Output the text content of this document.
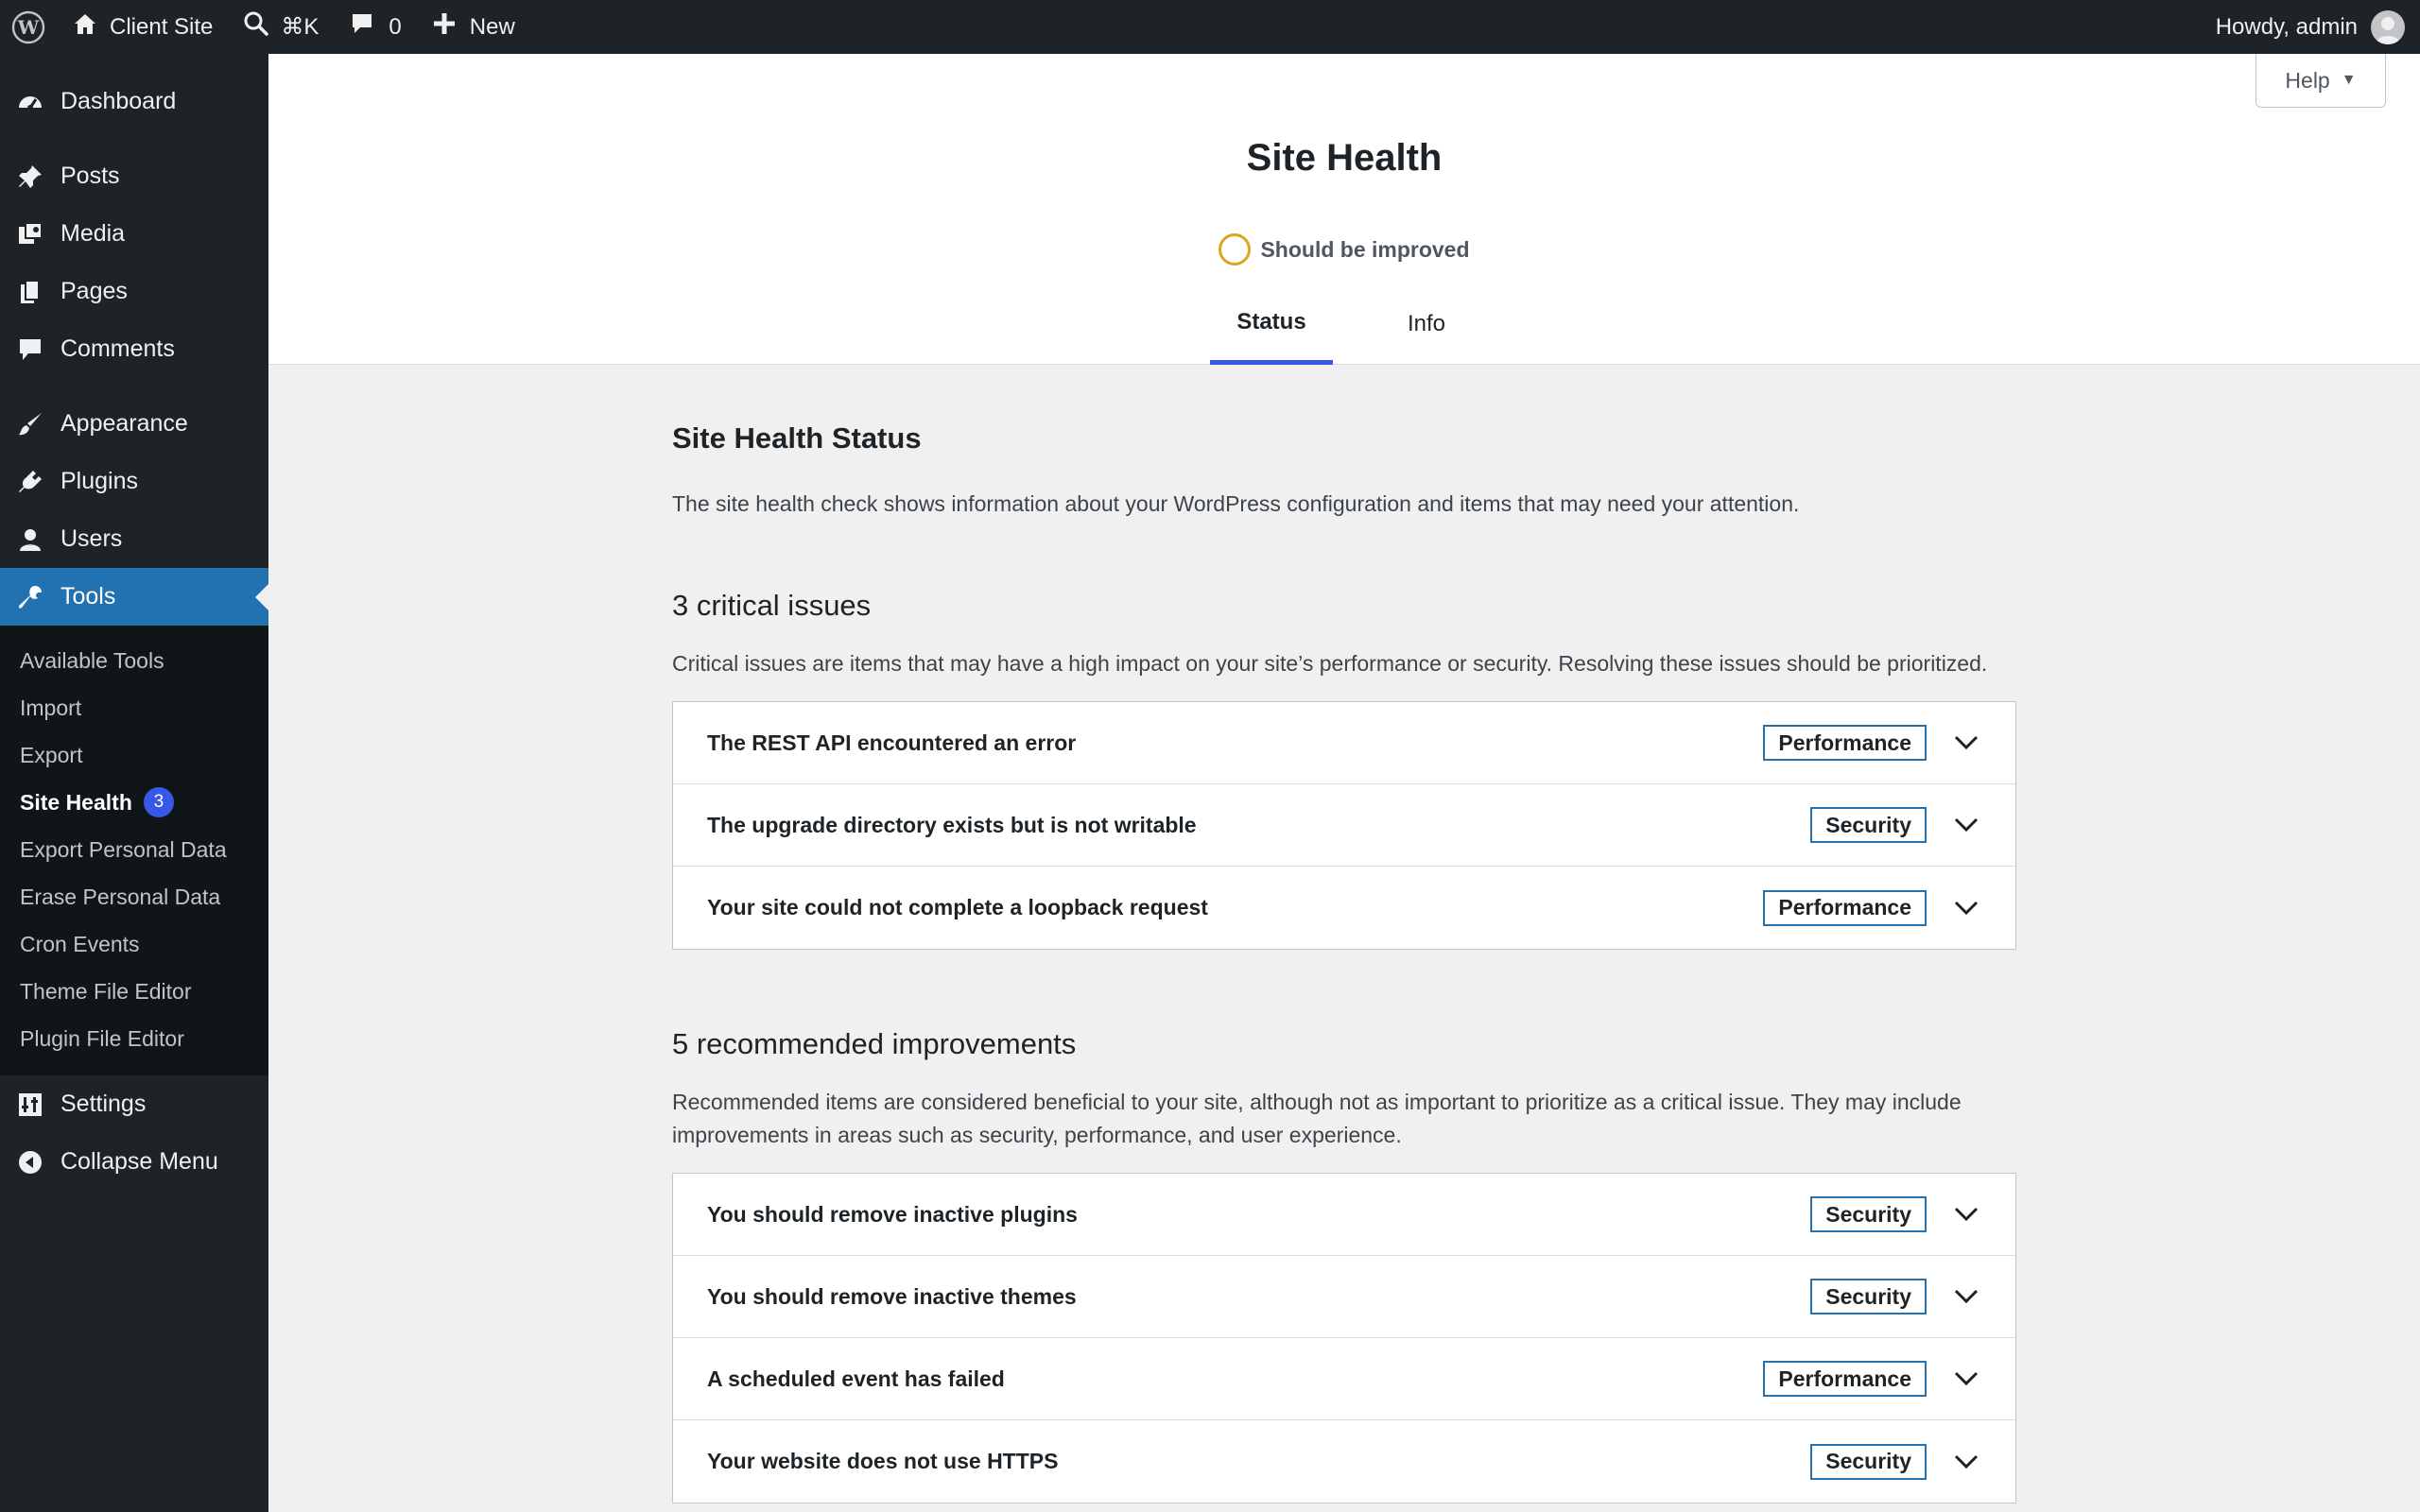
W	Client Site	⌘K	0	New	Howdy, admin
Dashboard
Posts
Media
Pages
Comments
Appearance
Plugins
Users
Tools
Available Tools
Import
Export
Site Health	3
Export Personal Data
Erase Personal Data
Cron Events
Theme File Editor
Plugin File Editor
Settings
Collapse Menu
Help ▼
Site Health
Should be improved
Status	Info
Site Health Status

The site health check shows information about your WordPress configuration and items that may need your attention.

3 critical issues

Critical issues are items that may have a high impact on your site’s performance or security. Resolving these issues should be prioritized.

The REST API encountered an error	Performance
The upgrade directory exists but is not writable	Security
Your site could not complete a loopback request	Performance
5 recommended improvements

Recommended items are considered beneficial to your site, although not as important to prioritize as a critical issue. They may include improvements in areas such as security, performance, and user experience.

You should remove inactive plugins	Security
You should remove inactive themes	Security
A scheduled event has failed	Performance
Your website does not use HTTPS	Security
